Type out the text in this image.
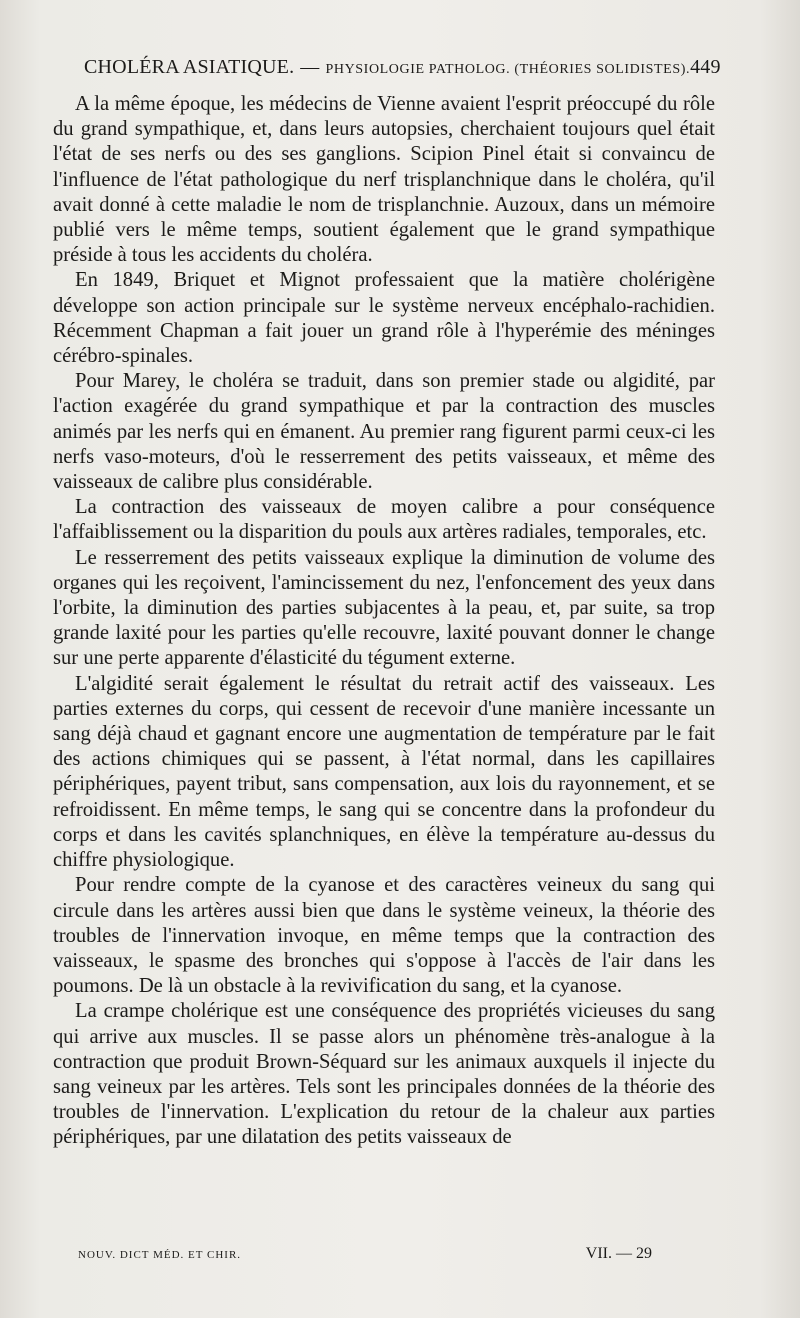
CHOLÉRA ASIATIQUE. — PHYSIOLOGIE PATHOLOG. (THÉORIES SOLIDISTES). 449

A la même époque, les médecins de Vienne avaient l'esprit préoccupé du rôle du grand sympathique, et, dans leurs autopsies, cherchaient toujours quel était l'état de ses nerfs ou des ses ganglions. Scipion Pinel était si convaincu de l'influence de l'état pathologique du nerf trisplanchnique dans le choléra, qu'il avait donné à cette maladie le nom de trisplanchnie. Auzoux, dans un mémoire publié vers le même temps, soutient également que le grand sympathique préside à tous les accidents du choléra.

En 1849, Briquet et Mignot professaient que la matière cholérigène développe son action principale sur le système nerveux encéphalo-rachidien. Récemment Chapman a fait jouer un grand rôle à l'hyperémie des méninges cérébro-spinales.

Pour Marey, le choléra se traduit, dans son premier stade ou algidité, par l'action exagérée du grand sympathique et par la contraction des muscles animés par les nerfs qui en émanent. Au premier rang figurent parmi ceux-ci les nerfs vaso-moteurs, d'où le resserrement des petits vaisseaux, et même des vaisseaux de calibre plus considérable.

La contraction des vaisseaux de moyen calibre a pour conséquence l'affaiblissement ou la disparition du pouls aux artères radiales, temporales, etc.

Le resserrement des petits vaisseaux explique la diminution de volume des organes qui les reçoivent, l'amincissement du nez, l'enfoncement des yeux dans l'orbite, la diminution des parties subjacentes à la peau, et, par suite, sa trop grande laxité pour les parties qu'elle recouvre, laxité pouvant donner le change sur une perte apparente d'élasticité du tégument externe.

L'algidité serait également le résultat du retrait actif des vaisseaux. Les parties externes du corps, qui cessent de recevoir d'une manière incessante un sang déjà chaud et gagnant encore une augmentation de température par le fait des actions chimiques qui se passent, à l'état normal, dans les capillaires périphériques, payent tribut, sans compensation, aux lois du rayonnement, et se refroidissent. En même temps, le sang qui se concentre dans la profondeur du corps et dans les cavités splanchniques, en élève la température au-dessus du chiffre physiologique.

Pour rendre compte de la cyanose et des caractères veineux du sang qui circule dans les artères aussi bien que dans le système veineux, la théorie des troubles de l'innervation invoque, en même temps que la contraction des vaisseaux, le spasme des bronches qui s'oppose à l'accès de l'air dans les poumons. De là un obstacle à la revivification du sang, et la cyanose.

La crampe cholérique est une conséquence des propriétés vicieuses du sang qui arrive aux muscles. Il se passe alors un phénomène très-analogue à la contraction que produit Brown-Séquard sur les animaux auxquels il injecte du sang veineux par les artères. Tels sont les principales données de la théorie des troubles de l'innervation. L'explication du retour de la chaleur aux parties périphériques, par une dilatation des petits vaisseaux de

NOUV. DICT MÉD. ET CHIR.	VII. — 29
